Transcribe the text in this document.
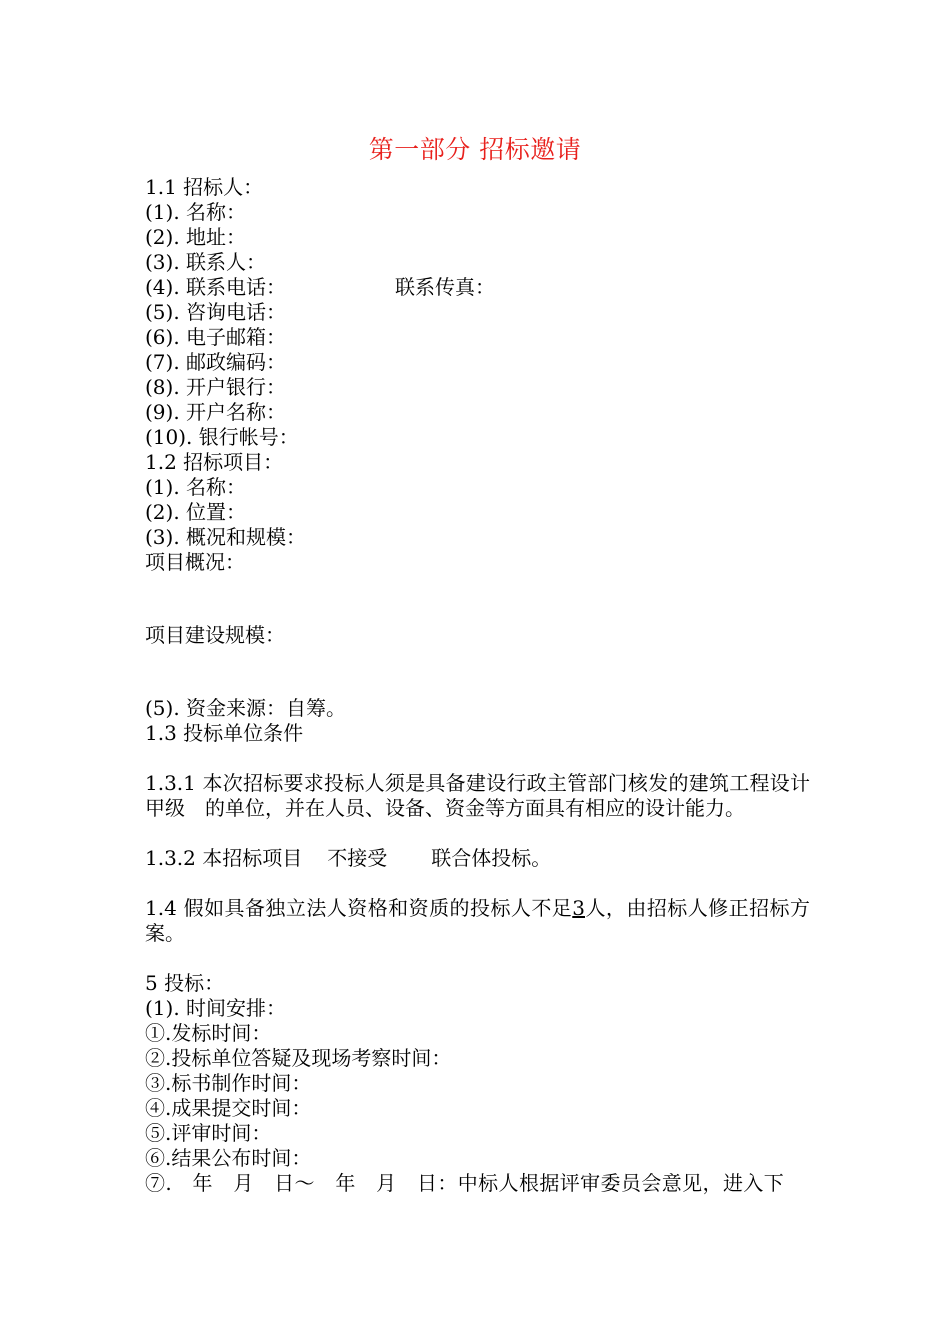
第一部分 招标邀请
1.1 招标人：
(1). 名称：
(2). 地址：
(3). 联系人：
(4). 联系电话：	联系传真：
(5). 咨询电话：
(6). 电子邮箱：
(7). 邮政编码：
(8). 开户银行：
(9). 开户名称：
(10). 银行帐号：
1.2 招标项目：
(1). 名称：
(2). 位置：
(3). 概况和规模：
项目概况：
项目建设规模：
(5). 资金来源：自筹。
1.3 投标单位条件
1.3.1 本次招标要求投标人须是具备建设行政主管部门核发的建筑工程设计甲级　的单位，并在人员、设备、资金等方面具有相应的设计能力。
1.3.2 本招标项目 不接受 联合体投标。
1.4 假如具备独立法人资格和资质的投标人不足3人，由招标人修正招标方案。
5 投标：
(1). 时间安排：
①.发标时间：
②.投标单位答疑及现场考察时间：
③.标书制作时间：
④.成果提交时间：
⑤.评审时间：
⑥.结果公布时间：
⑦.　年　月　日～　年　月　日：中标人根据评审委员会意见，进入下
